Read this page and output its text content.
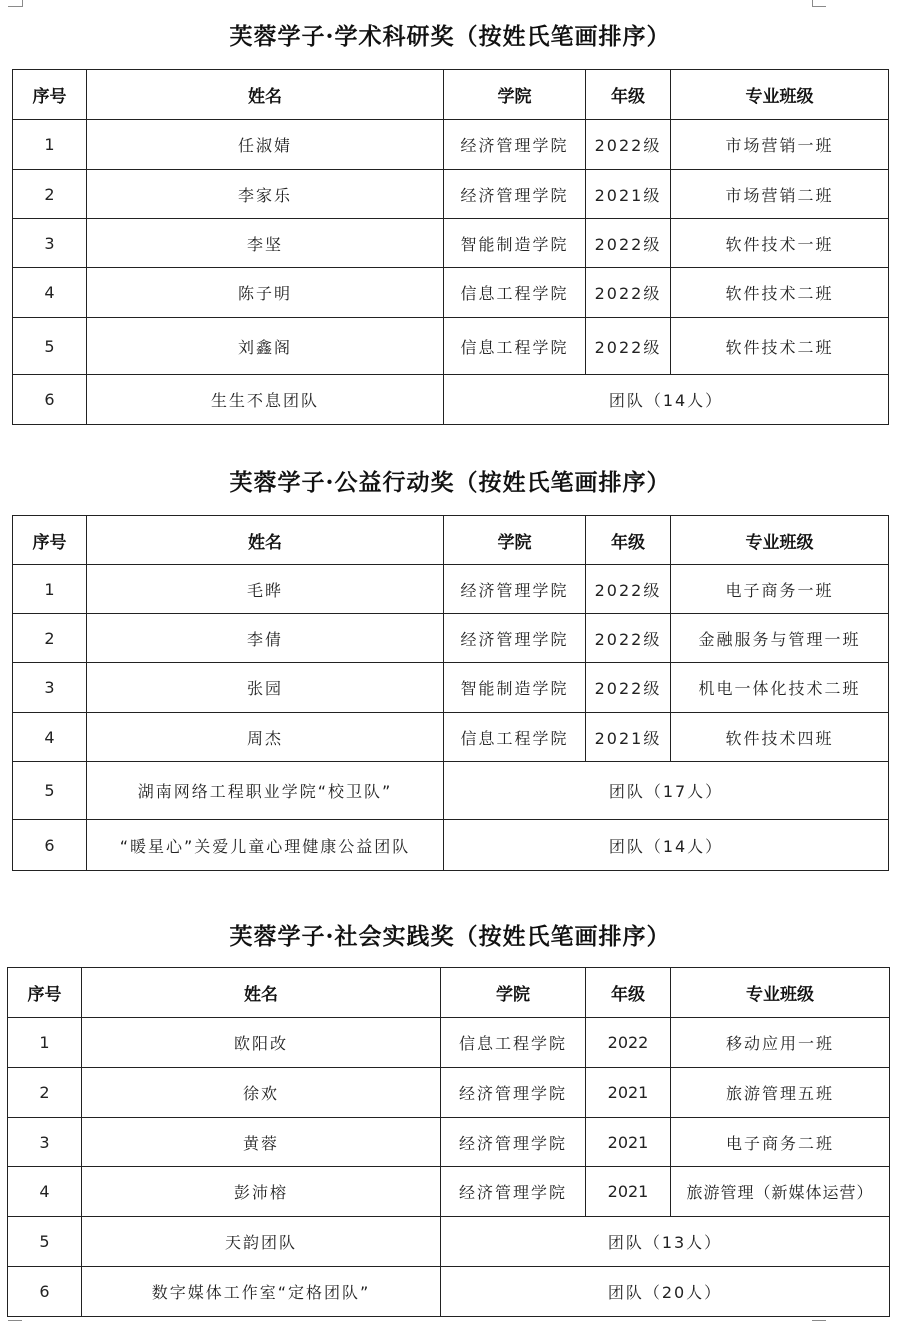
芙蓉学子·学术科研奖（按姓氏笔画排序）
序号	姓名	学院	年级	专业班级
1	任淑婧	经济管理学院	2022级	市场营销一班
2	李家乐	经济管理学院	2021级	市场营销二班
3	李坚	智能制造学院	2022级	软件技术一班
4	陈子明	信息工程学院	2022级	软件技术二班
5	刘鑫阁	信息工程学院	2022级	软件技术二班
6	生生不息团队	团队（14人）		
芙蓉学子·公益行动奖（按姓氏笔画排序）
序号	姓名	学院	年级	专业班级
1	毛晔	经济管理学院	2022级	电子商务一班
2	李倩	经济管理学院	2022级	金融服务与管理一班
3	张园	智能制造学院	2022级	机电一体化技术二班
4	周杰	信息工程学院	2021级	软件技术四班
5	湖南网络工程职业学院“校卫队”	团队（17人）		
6	“暖星心”关爱儿童心理健康公益团队	团队（14人）		
芙蓉学子·社会实践奖（按姓氏笔画排序）
序号	姓名	学院	年级	专业班级
1	欧阳改	信息工程学院	2022	移动应用一班
2	徐欢	经济管理学院	2021	旅游管理五班
3	黄蓉	经济管理学院	2021	电子商务二班
4	彭沛榕	经济管理学院	2021	旅游管理（新媒体运营）
5	天韵团队	团队（13人）		
6	数字媒体工作室“定格团队”	团队（20人）		
